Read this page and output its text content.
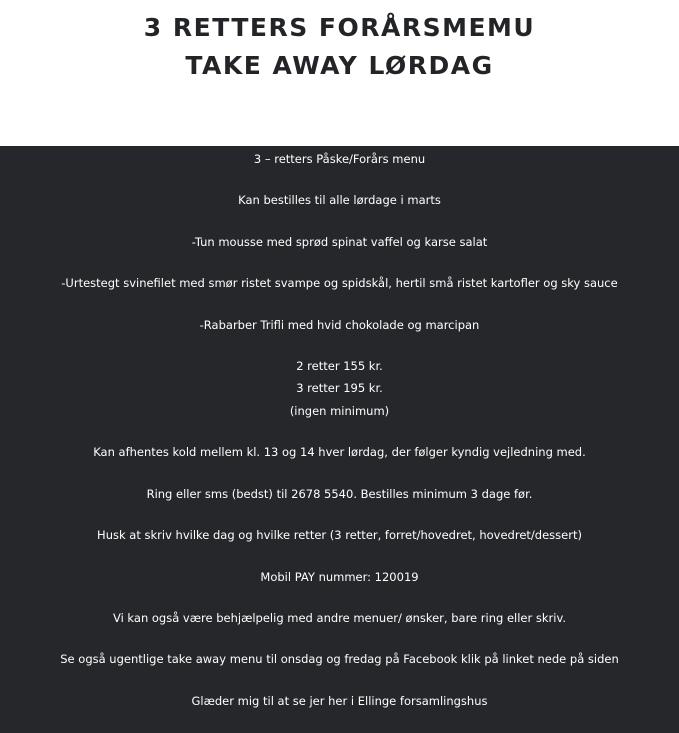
3 RETTERS FORÅRSMEMU
TAKE AWAY LØRDAG
3 – retters Påske/Forårs menu
Kan bestilles til alle lørdage i marts
-Tun mousse med sprød spinat vaffel og karse salat
-Urtestegt svinefilet med smør ristet svampe og spidskål, hertil små ristet kartofler og sky sauce
-Rabarber Trifli med hvid chokolade og marcipan
2 retter 155 kr.
3 retter 195 kr.
(ingen minimum)
Kan afhentes kold mellem kl. 13 og 14 hver lørdag, der følger kyndig vejledning med.
Ring eller sms (bedst) til 2678 5540. Bestilles minimum 3 dage før.
Husk at skriv hvilke dag og hvilke retter (3 retter, forret/hovedret, hovedret/dessert)
Mobil PAY nummer: 120019
Vi kan også være behjælpelig med andre menuer/ ønsker, bare ring eller skriv.
Se også ugentlige take away menu til onsdag og fredag på Facebook klik på linket nede på siden
Glæder mig til at se jer her i Ellinge forsamlingshus
